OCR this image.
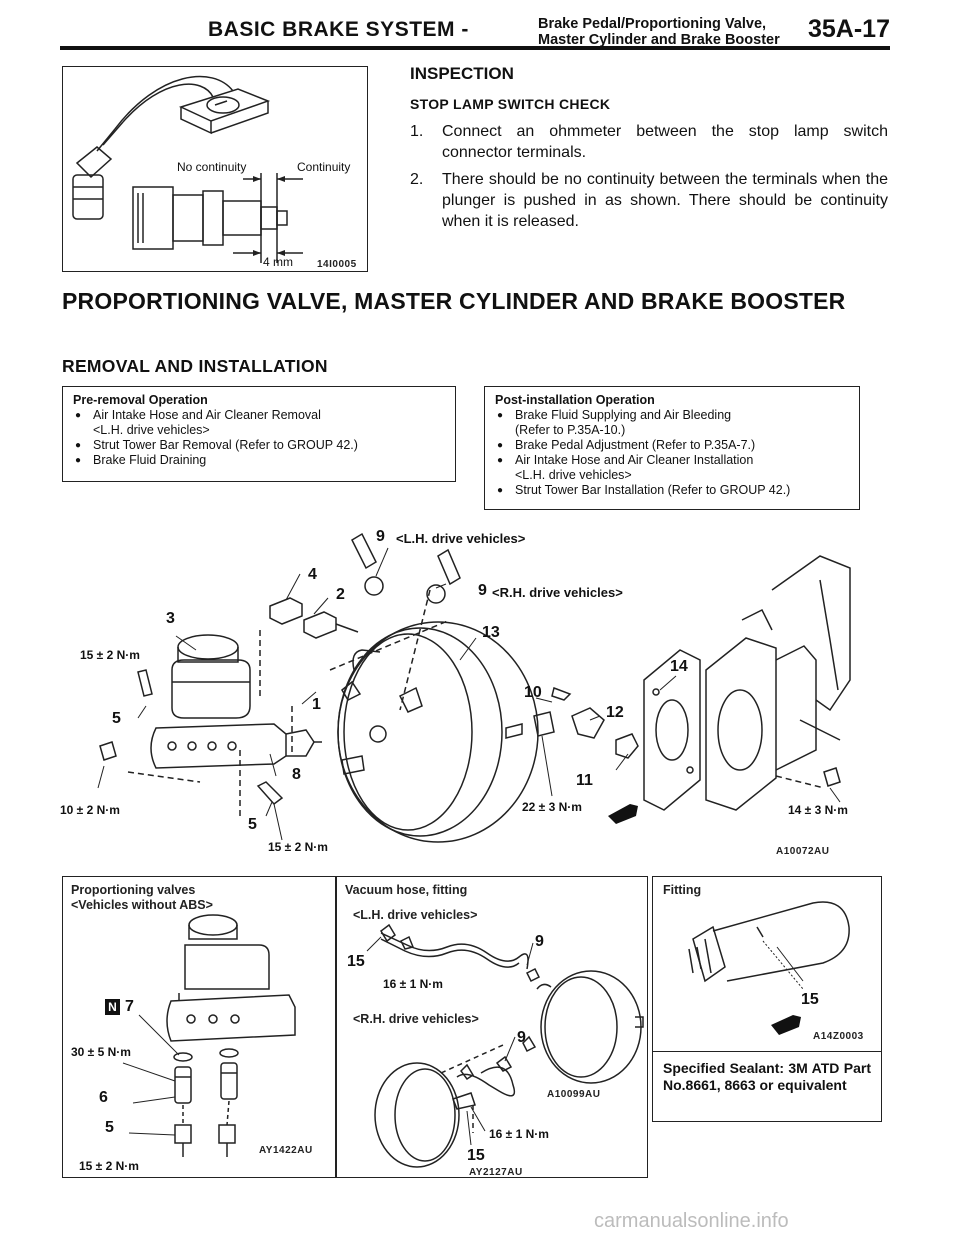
BASIC BRAKE SYSTEM -	Brake Pedal/Proportioning Valve,
Master Cylinder and Brake Booster 35A-17
No continuity	Continuity
4 mm 14I0005
INSPECTION
STOP LAMP SWITCH CHECK
1. Connect an ohmmeter between the stop lamp switch connector terminals.
2. There should be no continuity between the terminals when the plunger is pushed in as shown. There should be continuity when it is released.
PROPORTIONING VALVE, MASTER CYLINDER AND BRAKE BOOSTER
REMOVAL AND INSTALLATION
Pre-removal Operation
● Air Intake Hose and Air Cleaner Removal
<L.H. drive vehicles>
● Strut Tower Bar Removal (Refer to GROUP 42.)
● Brake Fluid Draining
Post-installation Operation
● Brake Fluid Supplying and Air Bleeding
(Refer to P.35A-10.)
● Brake Pedal Adjustment (Refer to P.35A-7.)
● Air Intake Hose and Air Cleaner Installation
<L.H. drive vehicles>
● Strut Tower Bar Installation (Refer to GROUP 42.)
9 <L.H. drive vehicles>
9 <R.H. drive vehicles>
4
2
3
13
14
10
12
1
5
8	11
5
15 ± 2 N·m
10 ± 2 N·m
15 ± 2 N·m
22 ± 3 N·m	14 ± 3 N·m
A10072AU
Proportioning valves
<Vehicles without ABS>
N 7
30 ± 5 N·m
6
5
15 ± 2 N·m
AY1422AU
Vacuum hose, fitting
<L.H. drive vehicles>
9
15
16 ± 1 N·m
<R.H. drive vehicles>
9
A10099AU
16 ± 1 N·m
15
AY2127AU
Fitting
15
A14Z0003
Specified Sealant: 3M ATD Part No.8661, 8663 or equivalent
carmanualsonline.info
